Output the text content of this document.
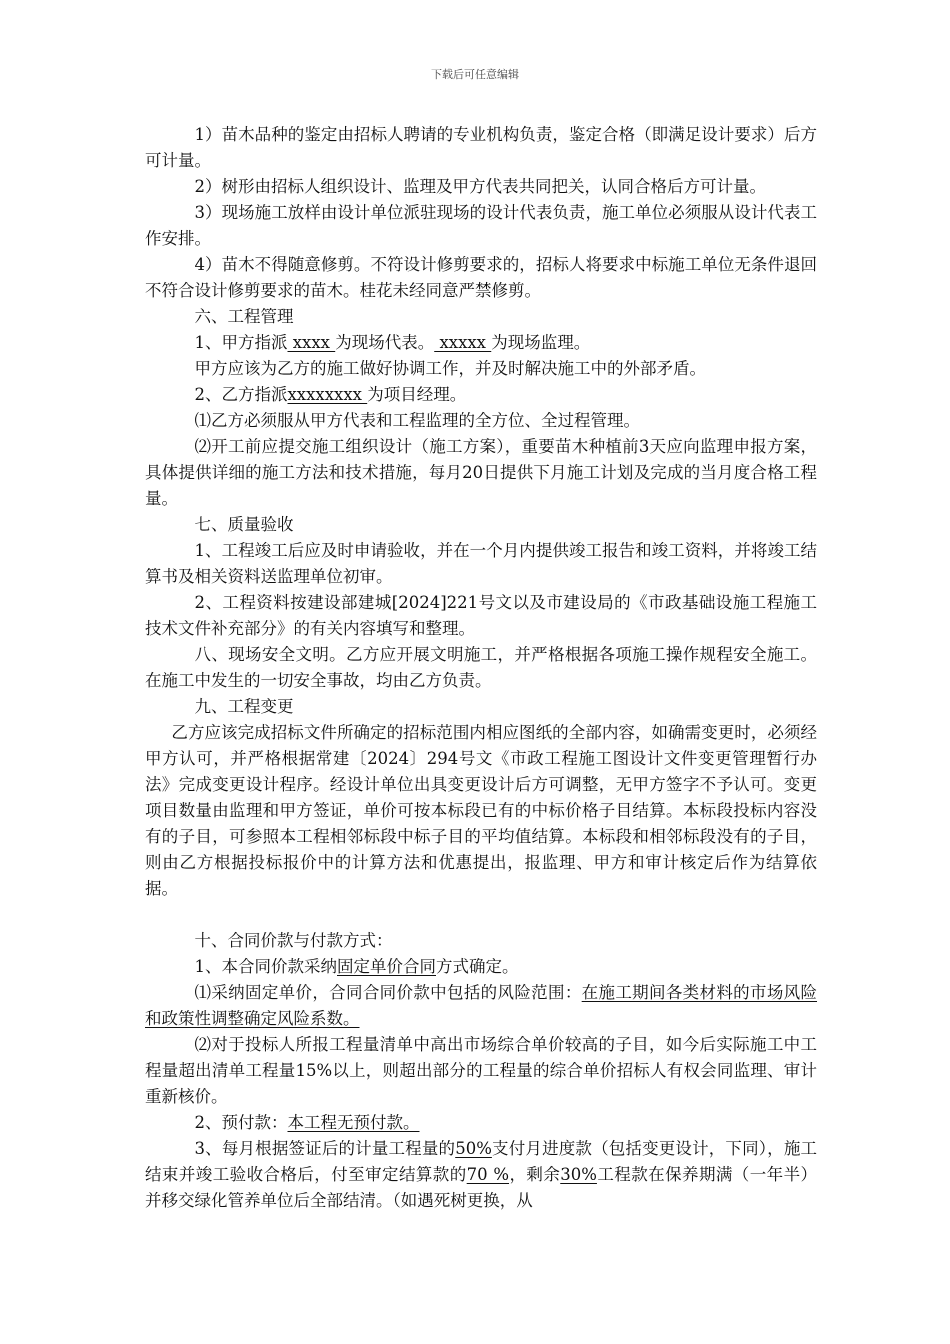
下载后可任意编辑

1）苗木品种的鉴定由招标人聘请的专业机构负责，鉴定合格（即满足设计要求）后方可计量。

2）树形由招标人组织设计、监理及甲方代表共同把关，认同合格后方可计量。

3）现场施工放样由设计单位派驻现场的设计代表负责，施工单位必须服从设计代表工作安排。

4）苗木不得随意修剪。不符设计修剪要求的，招标人将要求中标施工单位无条件退回不符合设计修剪要求的苗木。桂花未经同意严禁修剪。

六、工程管理

1、甲方指派 xxxx 为现场代表。 xxxxx 为现场监理。

甲方应该为乙方的施工做好协调工作，并及时解决施工中的外部矛盾。

2、乙方指派xxxxxxxx 为项目经理。

⑴乙方必须服从甲方代表和工程监理的全方位、全过程管理。

⑵开工前应提交施工组织设计（施工方案），重要苗木种植前3天应向监理申报方案，具体提供详细的施工方法和技术措施，每月20日提供下月施工计划及完成的当月度合格工程量。

七、质量验收

1、工程竣工后应及时申请验收，并在一个月内提供竣工报告和竣工资料，并将竣工结算书及相关资料送监理单位初审。

2、工程资料按建设部建城[2024]221号文以及市建设局的《市政基础设施工程施工技术文件补充部分》的有关内容填写和整理。

八、现场安全文明。乙方应开展文明施工，并严格根据各项施工操作规程安全施工。在施工中发生的一切安全事故，均由乙方负责。

九、工程变更

乙方应该完成招标文件所确定的招标范围内相应图纸的全部内容，如确需变更时，必须经甲方认可，并严格根据常建〔2024〕294号文《市政工程施工图设计文件变更管理暂行办法》完成变更设计程序。经设计单位出具变更设计后方可调整，无甲方签字不予认可。变更项目数量由监理和甲方签证，单价可按本标段已有的中标价格子目结算。本标段投标内容没有的子目，可参照本工程相邻标段中标子目的平均值结算。本标段和相邻标段没有的子目，则由乙方根据投标报价中的计算方法和优惠提出，报监理、甲方和审计核定后作为结算依据。

十、合同价款与付款方式：

1、本合同价款采纳固定单价合同方式确定。

⑴采纳固定单价，合同合同价款中包括的风险范围：在施工期间各类材料的市场风险和政策性调整确定风险系数。

⑵对于投标人所报工程量清单中高出市场综合单价较高的子目，如今后实际施工中工程量超出清单工程量15%以上，则超出部分的工程量的综合单价招标人有权会同监理、审计重新核价。

2、预付款：本工程无预付款。

3、每月根据签证后的计量工程量的50%支付月进度款（包括变更设计，下同），施工结束并竣工验收合格后，付至审定结算款的70 %，剩余30%工程款在保养期满（一年半）并移交绿化管养单位后全部结清。（如遇死树更换，从
